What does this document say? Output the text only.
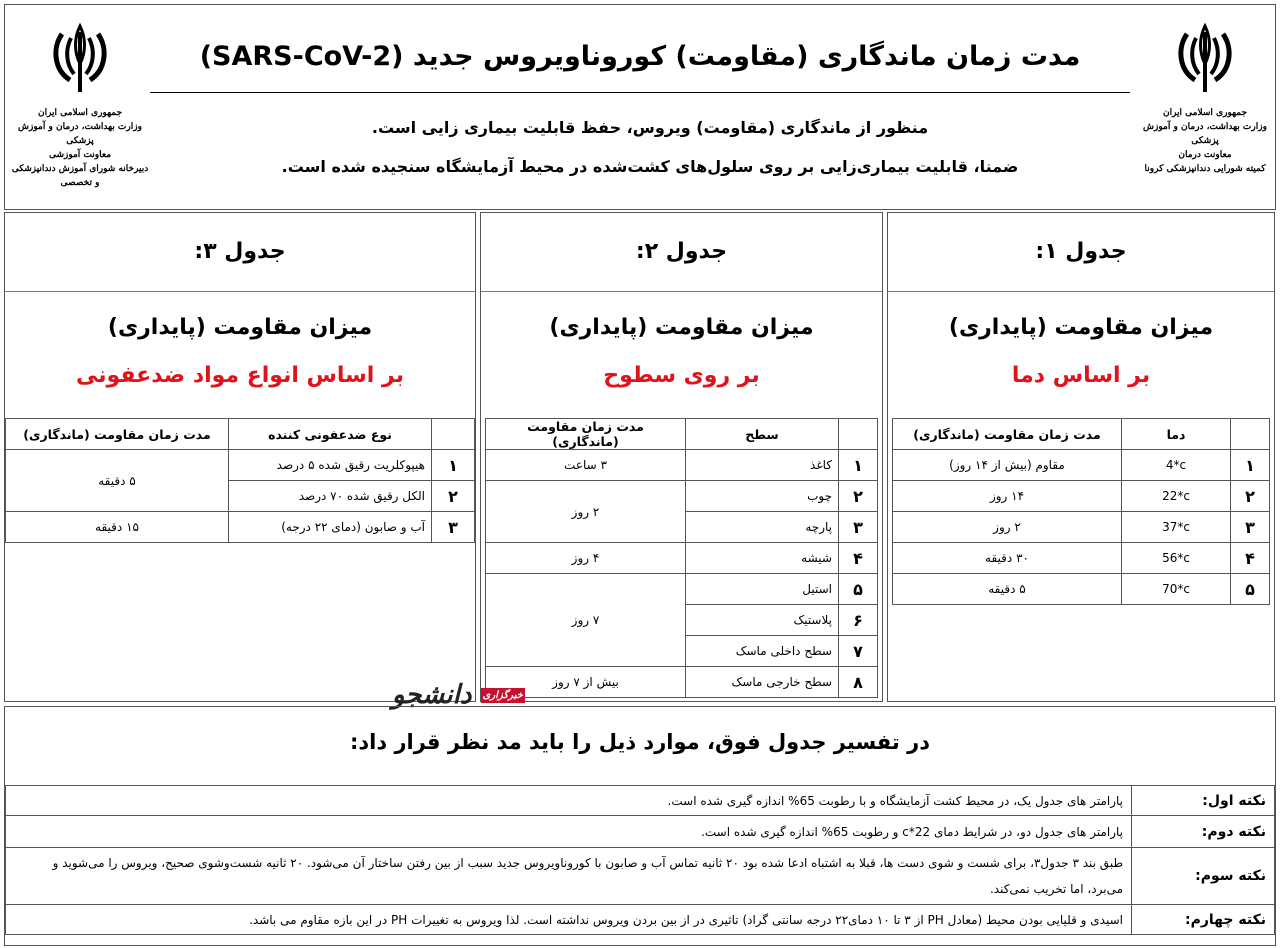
مدت زمان ماندگاری (مقاومت) کوروناویروس جدید (SARS-CoV-2)
منظور از ماندگاری (مقاومت) ویروس، حفظ قابلیت بیماری زایی است.
ضمنا، قابلیت بیماری‌زایی بر روی سلول‌های کشت‌شده در محیط آزمایشگاه سنجیده شده است.
جمهوری اسلامی ایران
وزارت بهداشت، درمان و آموزش پزشکی
معاونت درمان
کمیته شورایی دندانپزشکی کرونا
جمهوری اسلامی ایران
وزارت بهداشت، درمان و آموزش پزشکی
معاونت آموزشی
دبیرخانه شورای آموزش دندانپزشکی و تخصصی
جدول ۱:
میزان مقاومت (پایداری)
بر اساس دما
	دما	مدت زمان مقاومت (ماندگاری)
۱	4*c	مقاوم (بیش از ۱۴ روز)
۲	22*c	۱۴ روز
۳	37*c	۲ روز
۴	56*c	۳۰ دقیقه
۵	70*c	۵ دقیقه
جدول ۲:
میزان مقاومت (پایداری)
بر روی سطوح
	سطح	مدت زمان مقاومت (ماندگاری)
۱	کاغذ	۳ ساعت
۲	چوب	۲ روز
۳	پارچه	
۴	شیشه	۴ روز
۵	استیل	۷ روز
۶	پلاستیک	
۷	سطح داخلی ماسک	
۸	سطح خارجی ماسک	بیش از ۷ روز
جدول ۳:
میزان مقاومت (پایداری)
بر اساس انواع مواد ضدعفونی
	نوع ضدعفونی کننده	مدت زمان مقاومت (ماندگاری)
۱	هیپوکلریت رقیق شده ۵ درصد	۵ دقیقه
۲	الکل رقیق شده ۷۰ درصد	
۳	آب و صابون (دمای ۲۲ درجه)	۱۵ دقیقه
خبرگزاری دانشجو
در تفسیر جدول فوق، موارد ذیل را باید مد نظر قرار داد:
نکته اول:	پارامتر های جدول یک، در محیط کشت آزمایشگاه و با رطوبت 65% اندازه گیری شده است.
نکته دوم:	پارامتر های جدول دو، در شرایط دمای 22*c و رطوبت 65% اندازه گیری شده است.
نکته سوم:	طبق بند ۳ جدول۳، برای شست و شوی دست ها، قبلا به اشتباه ادعا شده بود ۲۰ ثانیه تماس آب و صابون با کوروناویروس جدید سبب از بین رفتن ساختار آن می‌شود. ۲۰ ثانیه شست‌وشوی صحیح، ویروس را می‌شوید و می‌برد، اما تخریب نمی‌کند.
نکته چهارم:	اسیدی و قلیایی بودن محیط (معادل PH از ۳ تا ۱۰ دمای۲۲ درجه سانتی گراد) تاثیری در از بین بردن ویروس نداشته است. لذا ویروس به تغییرات PH در این بازه مقاوم می باشد.
